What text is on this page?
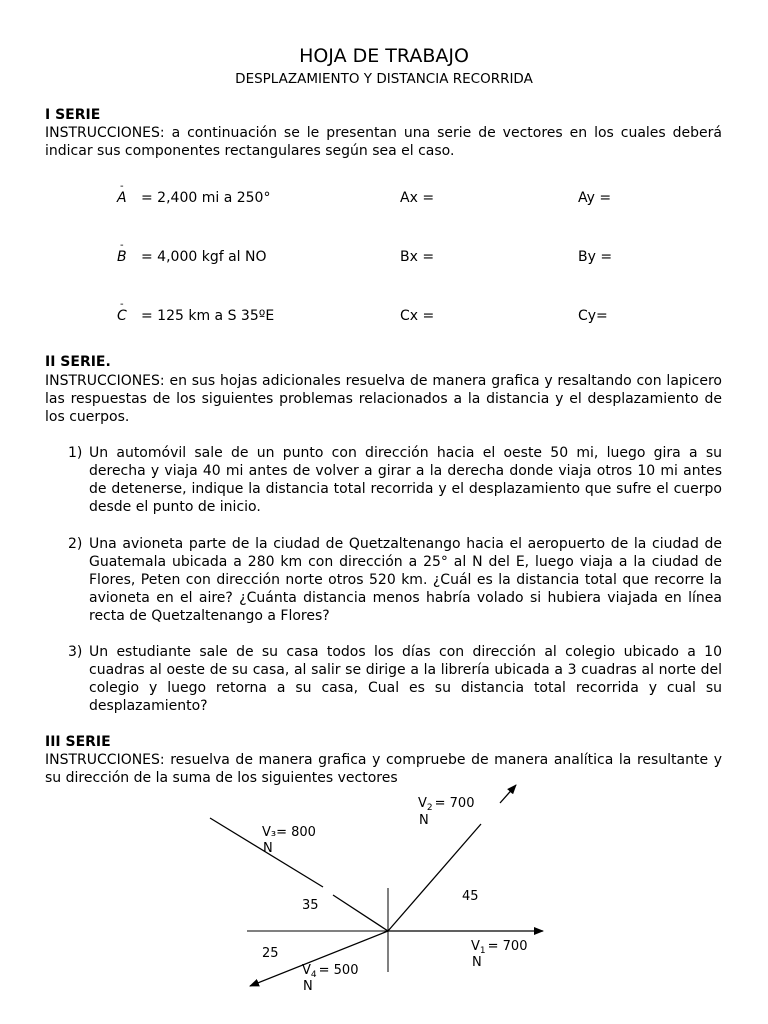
HOJA DE TRABAJO
DESPLAZAMIENTO Y DISTANCIA RECORRIDA
I SERIE
INSTRUCCIONES: a continuación se le presentan una serie de vectores en los cuales deberá indicar sus componentes rectangulares según sea el caso.
-
A = 2,400 mi a 250°	Ax =	Ay =
-
B = 4,000 kgf al NO	Bx =	By =
-
C = 125 km a S 35ºE	Cx =	Cy=
II SERIE.
INSTRUCCIONES: en sus hojas adicionales resuelva de manera grafica y resaltando con lapicero las respuestas de los siguientes problemas relacionados a la distancia y el desplazamiento de los cuerpos.
1) Un automóvil sale de un punto con dirección hacia el oeste 50 mi, luego gira a su derecha y viaja 40 mi antes de volver a girar a la derecha donde viaja otros 10 mi antes de detenerse, indique la distancia total recorrida y el desplazamiento que sufre el cuerpo desde el punto de inicio.
2) Una avioneta parte de la ciudad de Quetzaltenango hacia el aeropuerto de la ciudad de Guatemala ubicada a 280 km con dirección a 25° al N del E, luego viaja a la ciudad de Flores, Peten con dirección norte otros 520 km. ¿Cuál es la distancia total que recorre la avioneta en el aire? ¿Cuánta distancia menos habría volado si hubiera viajada en línea recta de Quetzaltenango a Flores?
3) Un estudiante sale de su casa todos los días con dirección al colegio ubicado a 10 cuadras al oeste de su casa, al salir se dirige a la librería ubicada a 3 cuadras al norte del colegio y luego retorna a su casa, Cual es su distancia total recorrida y cual su desplazamiento?
III SERIE
INSTRUCCIONES: resuelva de manera grafica y compruebe de manera analítica la resultante y su dirección de la suma de los siguientes vectores
$V_2 = 700$
N
V₃= 800
N
45
35
25	$V_1 = 700$
N
$V_4 = 500$
N
